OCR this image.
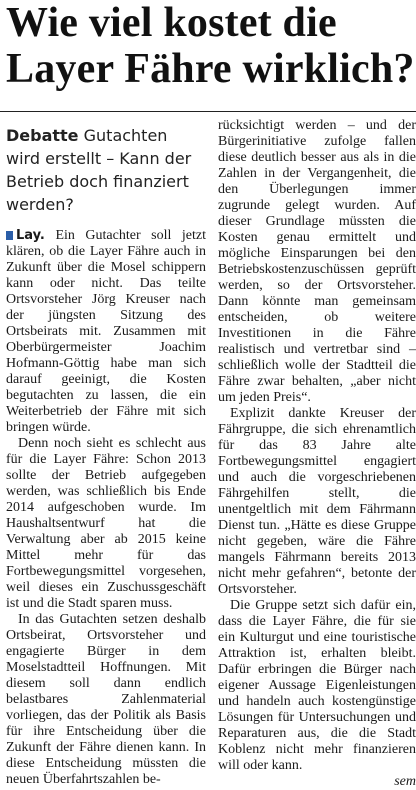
Wie viel kostet die Layer Fähre wirklich?
Debatte Gutachten wird erstellt – Kann der Betrieb doch finanziert werden?

Lay. Ein Gutachter soll jetzt klären, ob die Layer Fähre auch in Zukunft über die Mosel schippern kann oder nicht. Das teilte Ortsvorsteher Jörg Kreuser nach der jüngsten Sitzung des Ortsbeirats mit. Zusammen mit Oberbürgermeister Joachim Hofmann-Göttig habe man sich darauf geeinigt, die Kosten begutachten zu lassen, die ein Weiterbetrieb der Fähre mit sich bringen würde.

Denn noch sieht es schlecht aus für die Layer Fähre: Schon 2013 sollte der Betrieb aufgegeben werden, was schließlich bis Ende 2014 aufgeschoben wurde. Im Haushaltsentwurf hat die Verwaltung aber ab 2015 keine Mittel mehr für das Fortbewegungsmittel vorgesehen, weil dieses ein Zuschussgeschäft ist und die Stadt sparen muss.

In das Gutachten setzen deshalb Ortsbeirat, Ortsvorsteher und engagierte Bürger in dem Moselstadtteil Hoffnungen. Mit diesem soll dann endlich belastbares Zahlenmaterial vorliegen, das der Politik als Basis für ihre Entscheidung über die Zukunft der Fähre dienen kann. In diese Entscheidung müssten die neuen Überfahrtszahlen be-

rücksichtigt werden – und der Bürgerinitiative zufolge fallen diese deutlich besser aus als in die Zahlen in der Vergangenheit, die den Überlegungen immer zugrunde gelegt wurden. Auf dieser Grundlage müssten die Kosten genau ermittelt und mögliche Einsparungen bei den Betriebskostenzuschüssen geprüft werden, so der Ortsvorsteher. Dann könnte man gemeinsam entscheiden, ob weitere Investitionen in die Fähre realistisch und vertretbar sind – schließlich wolle der Stadtteil die Fähre zwar behalten, „aber nicht um jeden Preis“.

Explizit dankte Kreuser der Fährgruppe, die sich ehrenamtlich für das 83 Jahre alte Fortbewegungsmittel engagiert und auch die vorgeschriebenen Fährgehilfen stellt, die unentgeltlich mit dem Fährmann Dienst tun. „Hätte es diese Gruppe nicht gegeben, wäre die Fähre mangels Fährmann bereits 2013 nicht mehr gefahren“, betonte der Ortsvorsteher.

Die Gruppe setzt sich dafür ein, dass die Layer Fähre, die für sie ein Kulturgut und eine touristische Attraktion ist, erhalten bleibt. Dafür erbringen die Bürger nach eigener Aussage Eigenleistungen und handeln auch kostengünstige Lösungen für Untersuchungen und Reparaturen aus, die die Stadt Koblenz nicht mehr finanzieren will oder kann.

sem
